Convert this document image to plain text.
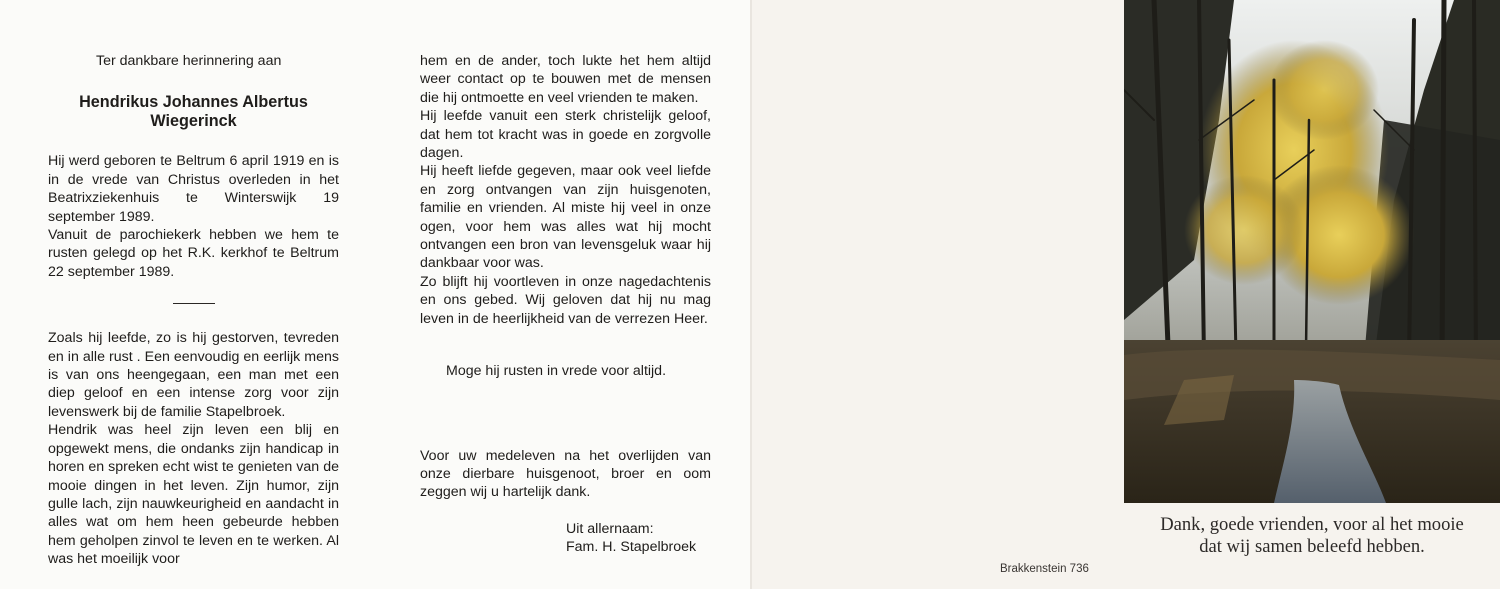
Ter dankbare herinnering aan

Hendrikus Johannes Albertus
Wiegerinck

Hij werd geboren te Beltrum 6 april 1919 en is in de vrede van Christus overleden in het Beatrixziekenhuis te Winterswijk 19 september 1989.

Vanuit de parochiekerk hebben we hem te rusten gelegd op het R.K. kerkhof te Beltrum 22 september 1989.

Zoals hij leefde, zo is hij gestorven, tevreden en in alle rust . Een eenvoudig en eerlijk mens is van ons heengegaan, een man met een diep geloof en een intense zorg voor zijn levenswerk bij de familie Stapelbroek.

Hendrik was heel zijn leven een blij en opgewekt mens, die ondanks zijn handicap in horen en spreken echt wist te genieten van de mooie dingen in het leven. Zijn humor, zijn gulle lach, zijn nauwkeurigheid en aandacht in alles wat om hem heen gebeurde hebben hem geholpen zinvol te leven en te werken. Al was het moeilijk voor

hem en de ander, toch lukte het hem altijd weer contact op te bouwen met de mensen die hij ontmoette en veel vrienden te maken.

Hij leefde vanuit een sterk christelijk geloof, dat hem tot kracht was in goede en zorgvolle dagen.

Hij heeft liefde gegeven, maar ook veel liefde en zorg ontvangen van zijn huisgenoten, familie en vrienden. Al miste hij veel in onze ogen, voor hem was alles wat hij mocht ontvangen een bron van levensgeluk waar hij dankbaar voor was.

Zo blijft hij voortleven in onze nagedachtenis en ons gebed. Wij geloven dat hij nu mag leven in de heerlijkheid van de verrezen Heer.

Moge hij rusten in vrede voor altijd.

Voor uw medeleven na het overlijden van onze dierbare huisgenoot, broer en oom zeggen wij u hartelijk dank.

Uit allernaam:
Fam. H. Stapelbroek

Brakkenstein 736
Dank, goede vrienden, voor al het mooie
dat wij samen beleefd hebben.
